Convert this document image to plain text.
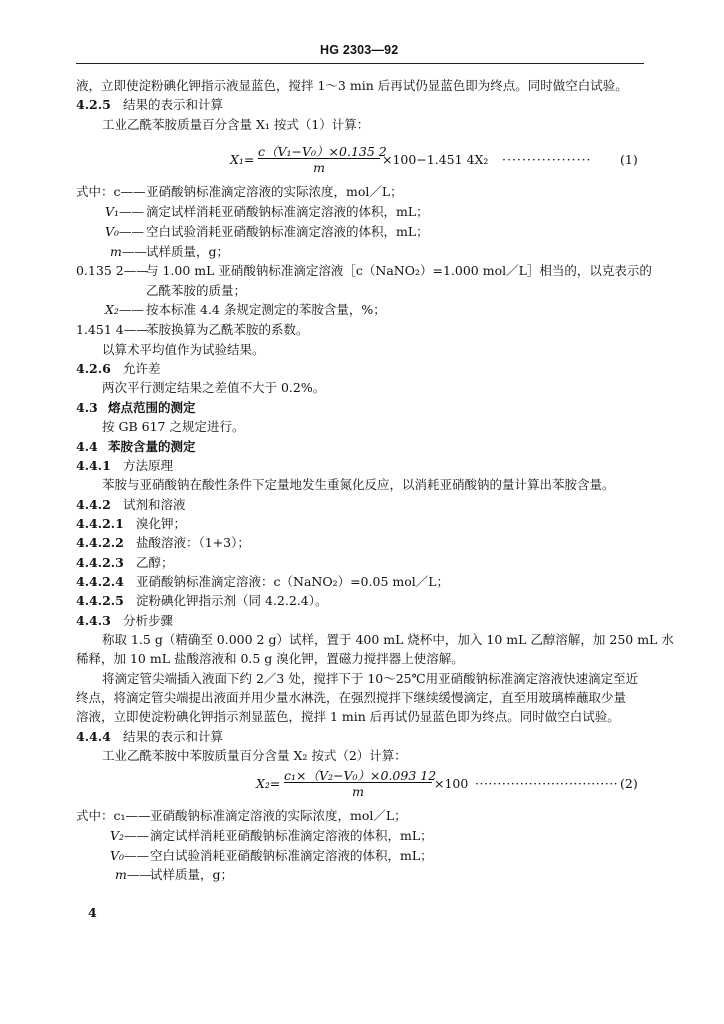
HG 2303—92
液，立即使淀粉碘化钾指示液显蓝色，搅拌 1～3 min 后再试仍显蓝色即为终点。同时做空白试验。
4.2.5 结果的表示和计算
工业乙酰苯胺质量百分含量 X₁ 按式（1）计算：
X₁=
c（V₁−V₀）×0.135 2
m
×100−1.451 4X₂ ·················· (1)
式中：c—— 亚硝酸钠标准滴定溶液的实际浓度，mol／L；
V₁—— 滴定试样消耗亚硝酸钠标准滴定溶液的体积，mL；
V₀—— 空白试验消耗亚硝酸钠标准滴定溶液的体积，mL；
m—— 试样质量，g；
0.135 2——
与 1.00 mL 亚硝酸钠标准滴定溶液［c（NaNO₂）=1.000 mol／L］相当的，以克表示的
乙酰苯胺的质量；
X₂—— 按本标准 4.4 条规定测定的苯胺含量，%；
1.451 4——
苯胺换算为乙酰苯胺的系数。
以算术平均值作为试验结果。
4.2.6 允许差
两次平行测定结果之差值不大于 0.2%。
4.3 熔点范围的测定
按 GB 617 之规定进行。
4.4 苯胺含量的测定
4.4.1 方法原理
苯胺与亚硝酸钠在酸性条件下定量地发生重氮化反应，以消耗亚硝酸钠的量计算出苯胺含量。
4.4.2 试剂和溶液
4.4.2.1 溴化钾；
4.4.2.2 盐酸溶液：（1+3）；
4.4.2.3 乙醇；
4.4.2.4 亚硝酸钠标准滴定溶液：c（NaNO₂）=0.05 mol／L；
4.4.2.5 淀粉碘化钾指示剂（同 4.2.2.4）。
4.4.3 分析步骤
称取 1.5 g（精确至 0.000 2 g）试样，置于 400 mL 烧杯中，加入 10 mL 乙醇溶解，加 250 mL 水
稀释，加 10 mL 盐酸溶液和 0.5 g 溴化钾，置磁力搅拌器上使溶解。
将滴定管尖端插入液面下约 2／3 处，搅拌下于 10～25℃用亚硝酸钠标准滴定溶液快速滴定至近
终点，将滴定管尖端提出液面并用少量水淋洗，在强烈搅拌下继续缓慢滴定，直至用玻璃棒蘸取少量
溶液，立即使淀粉碘化钾指示剂显蓝色，搅拌 1 min 后再试仍显蓝色即为终点。同时做空白试验。
4.4.4 结果的表示和计算
工业乙酰苯胺中苯胺质量百分含量 X₂ 按式（2）计算：
X₂=
c₁×（V₂−V₀）×0.093 12
m
×100 ································ (2)
式中：c₁—— 亚硝酸钠标准滴定溶液的实际浓度，mol／L；
V₂—— 滴定试样消耗亚硝酸钠标准滴定溶液的体积，mL；
V₀—— 空白试验消耗亚硝酸钠标准滴定溶液的体积，mL；
m——
试样质量，g；
4
